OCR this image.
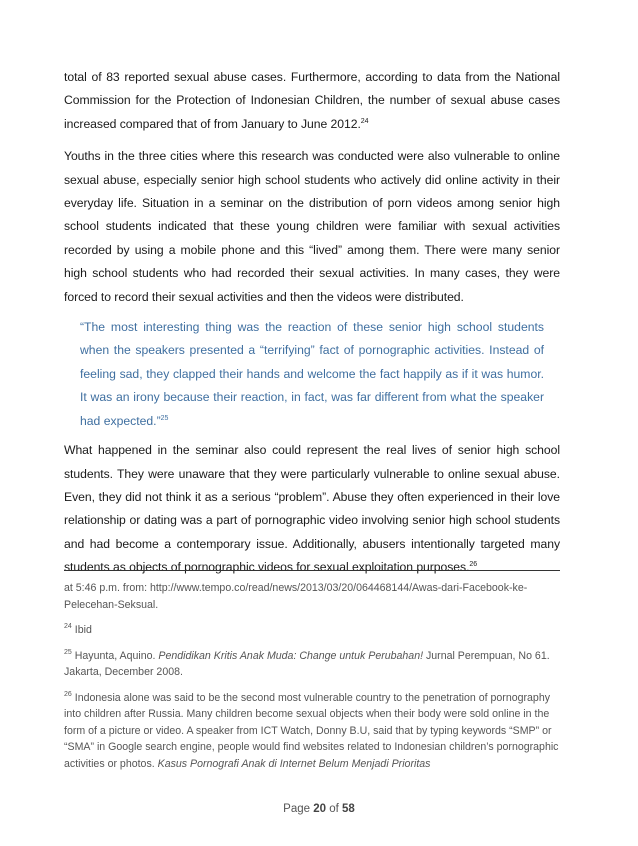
total of 83 reported sexual abuse cases. Furthermore, according to data from the National Commission for the Protection of Indonesian Children, the number of sexual abuse cases increased compared that of from January to June 2012.24

Youths in the three cities where this research was conducted were also vulnerable to online sexual abuse, especially senior high school students who actively did online activity in their everyday life. Situation in a seminar on the distribution of porn videos among senior high school students indicated that these young children were familiar with sexual activities recorded by using a mobile phone and this “lived” among them. There were many senior high school students who had recorded their sexual activities. In many cases, they were forced to record their sexual activities and then the videos were distributed.

“The most interesting thing was the reaction of these senior high school students when the speakers presented a “terrifying” fact of pornographic activities. Instead of feeling sad, they clapped their hands and welcome the fact happily as if it was humor. It was an irony because their reaction, in fact, was far different from what the speaker had expected.”$^{25}$

What happened in the seminar also could represent the real lives of senior high school students. They were unaware that they were particularly vulnerable to online sexual abuse. Even, they did not think it as a serious “problem”. Abuse they often experienced in their love relationship or dating was a part of pornographic video involving senior high school students and had become a contemporary issue. Additionally, abusers intentionally targeted many students as objects of pornographic videos for sexual exploitation purposes.$^{26}$

at 5:46 p.m. from: http://www.tempo.co/read/news/2013/03/20/064468144/Awas-dari-Facebook-ke-Pelecehan-Seksual.

$^{24}$ Ibid

$^{25}$ Hayunta, Aquino. Pendidikan Kritis Anak Muda: Change untuk Perubahan! Jurnal Perempuan, No 61. Jakarta, December 2008.

$^{26}$ Indonesia alone was said to be the second most vulnerable country to the penetration of pornography into children after Russia. Many children become sexual objects when their body were sold online in the form of a picture or video. A speaker from ICT Watch, Donny B.U, said that by typing keywords “SMP” or “SMA” in Google search engine, people would find websites related to Indonesian children’s pornographic activities or photos. Kasus Pornografi Anak di Internet Belum Menjadi Prioritas

Page 20 of 58
